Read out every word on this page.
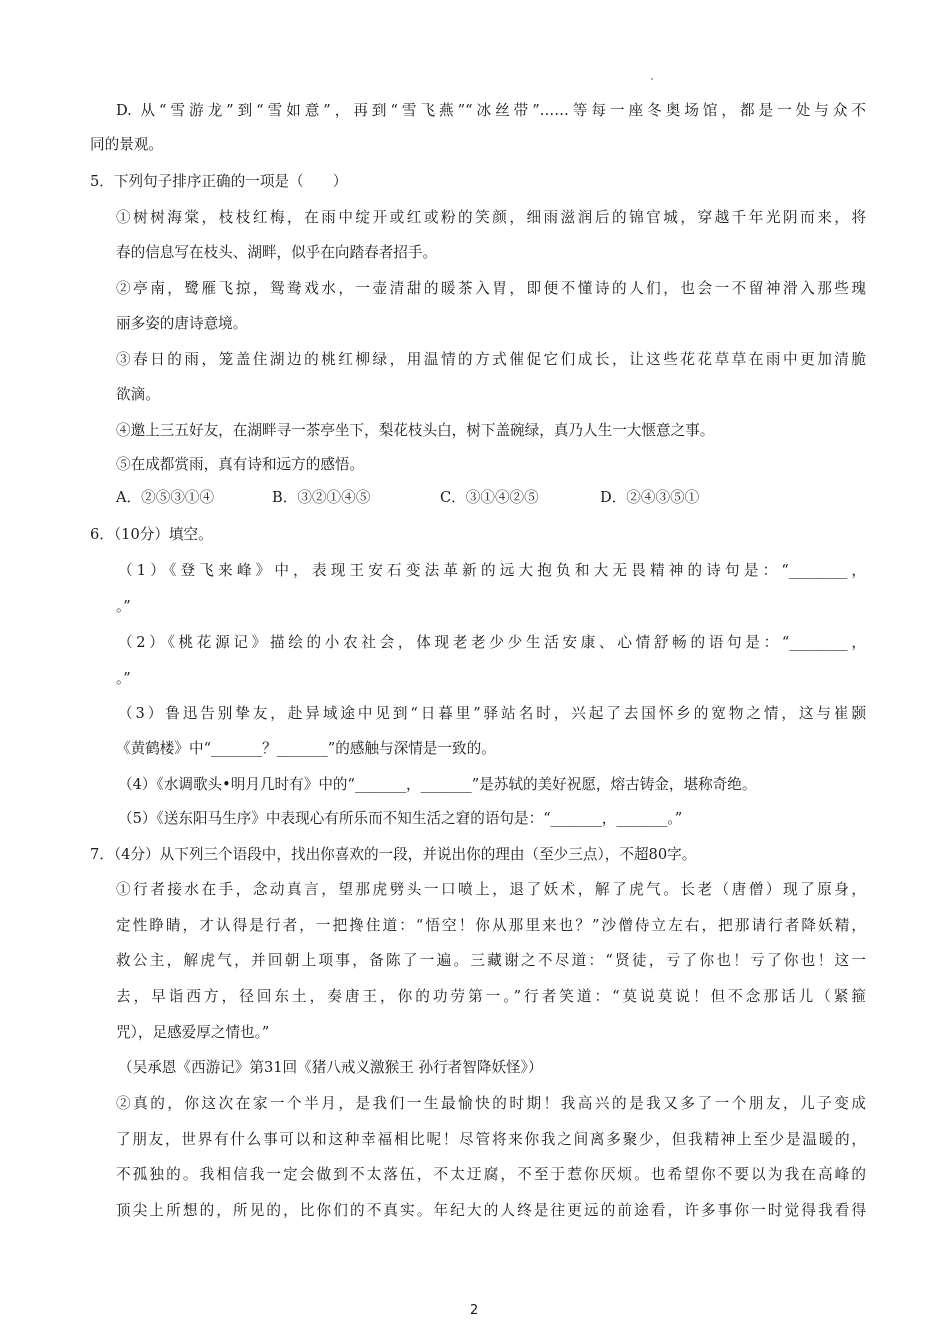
D. 从“雪游龙”到“雪如意”，再到“雪飞燕”“冰丝带”……等每一座冬奥场馆，都是一处与众不
同的景观。
5．下列句子排序正确的一项是（　　）
①树树海棠，枝枝红梅，在雨中绽开或红或粉的笑颜，细雨滋润后的锦官城，穿越千年光阴而来，将
春的信息写在枝头、湖畔，似乎在向踏春者招手。
②亭南，鹭雁飞掠，鸳鸯戏水，一壶清甜的暖茶入胃，即便不懂诗的人们，也会一不留神滑入那些瑰
丽多姿的唐诗意境。
③春日的雨，笼盖住湖边的桃红柳绿，用温情的方式催促它们成长，让这些花花草草在雨中更加清脆
欲滴。
④邀上三五好友，在湖畔寻一茶亭坐下，梨花枝头白，树下盖碗绿，真乃人生一大惬意之事。
⑤在成都赏雨，真有诗和远方的感悟。
A．②⑤③①④	B．③②①④⑤	C．③①④②⑤	D．②④③⑤①
6．（10分）填空。
（1）《登飞来峰》中，表现王安石变法革新的远大抱负和大无畏精神的诗句是：“________，
。”
（2）《桃花源记》描绘的小农社会，体现老老少少生活安康、心情舒畅的语句是：“________，
。”
（3）鲁迅告别挚友，赴异域途中见到“日暮里”驿站名时，兴起了去国怀乡的宽物之情，这与崔颢
《黄鹤楼》中“_______？_______”的感触与深情是一致的。
（4）《水调歌头•明月几时有》中的“_______，_______”是苏轼的美好祝愿，熔古铸金，堪称奇绝。
（5）《送东阳马生序》中表现心有所乐而不知生活之窘的语句是：“_______，_______。”
7．（4分）从下列三个语段中，找出你喜欢的一段，并说出你的理由（至少三点），不超80字。
①行者接水在手，念动真言，望那虎劈头一口喷上，退了妖术，解了虎气。长老（唐僧）现了原身，
定性睁睛，才认得是行者，一把搀住道：“悟空！你从那里来也？”沙僧侍立左右，把那请行者降妖精，
救公主，解虎气，并回朝上项事，备陈了一遍。三藏谢之不尽道：“贤徒，亏了你也！亏了你也！这一
去，早诣西方，径回东土，奏唐王，你的功劳第一。”行者笑道：“莫说莫说！但不念那话儿（紧箍
咒），足感爱厚之情也。”
（吴承恩《西游记》第31回《猪八戒义激猴王 孙行者智降妖怪》）
②真的，你这次在家一个半月，是我们一生最愉快的时期！我高兴的是我又多了一个朋友，儿子变成
了朋友，世界有什么事可以和这种幸福相比呢！尽管将来你我之间离多聚少，但我精神上至少是温暖的，
不孤独的。我相信我一定会做到不太落伍，不太迂腐，不至于惹你厌烦。也希望你不要以为我在高峰的
顶尖上所想的，所见的，比你们的不真实。年纪大的人终是往更远的前途看，许多事你一时觉得我看得
2
